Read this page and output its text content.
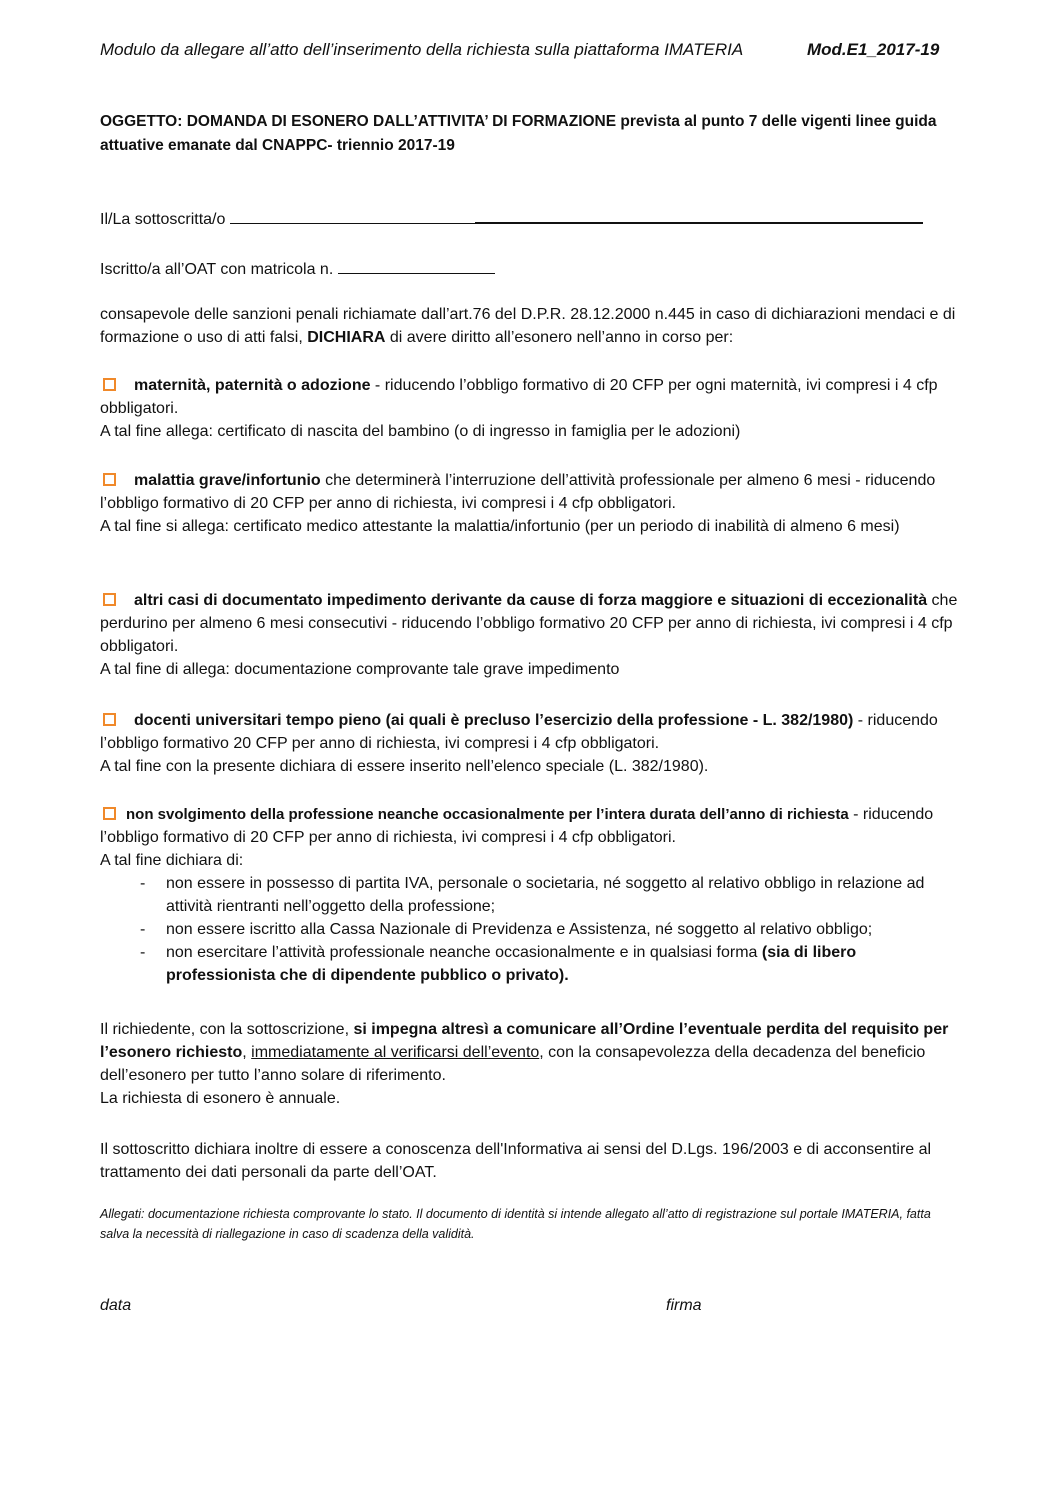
Modulo da allegare all’atto dell’inserimento della richiesta sulla piattaforma IMATERIA	Mod.E1_2017-19
OGGETTO: DOMANDA DI ESONERO DALL’ATTIVITA’ DI FORMAZIONE prevista al punto 7 delle vigenti linee guida attuative emanate dal CNAPPC- triennio 2017-19
Il/La sottoscritta/o
Iscritto/a all’OAT con matricola n.
consapevole delle sanzioni penali richiamate dall’art.76 del D.P.R. 28.12.2000 n.445 in caso di dichiarazioni mendaci e di formazione o uso di atti falsi, DICHIARA di avere diritto all’esonero nell’anno in corso per:
maternità, paternità o adozione - riducendo l’obbligo formativo di 20 CFP per ogni maternità, ivi compresi i 4 cfp obbligatori.
A tal fine allega: certificato di nascita del bambino (o di ingresso in famiglia per le adozioni)
malattia grave/infortunio che determinerà l’interruzione dell’attività professionale per almeno 6 mesi - riducendo l’obbligo formativo di 20 CFP per anno di richiesta, ivi compresi i 4 cfp obbligatori.
A tal fine si allega: certificato medico attestante la malattia/infortunio (per un periodo di inabilità di almeno 6 mesi)
altri casi di documentato impedimento derivante da cause di forza maggiore e situazioni di eccezionalità che perdurino per almeno 6 mesi consecutivi - riducendo l’obbligo formativo 20 CFP per anno di richiesta, ivi compresi i 4 cfp obbligatori.
A tal fine di allega: documentazione comprovante tale grave impedimento
docenti universitari tempo pieno (ai quali è precluso l’esercizio della professione - L. 382/1980) - riducendo l’obbligo formativo 20 CFP per anno di richiesta, ivi compresi i 4 cfp obbligatori.
A tal fine con la presente dichiara di essere inserito nell’elenco speciale (L. 382/1980).
non svolgimento della professione neanche occasionalmente per l’intera durata dell’anno di richiesta - riducendo l’obbligo formativo di 20 CFP per anno di richiesta, ivi compresi i 4 cfp obbligatori.
A tal fine dichiara di:
- non essere in possesso di partita IVA, personale o societaria, né soggetto al relativo obbligo in relazione ad attività rientranti nell’oggetto della professione;
- non essere iscritto alla Cassa Nazionale di Previdenza e Assistenza, né soggetto al relativo obbligo;
- non esercitare l’attività professionale neanche occasionalmente e in qualsiasi forma (sia di libero professionista che di dipendente pubblico o privato).
Il richiedente, con la sottoscrizione, si impegna altresì a comunicare all’Ordine l’eventuale perdita del requisito per l’esonero richiesto, immediatamente al verificarsi dell’evento, con la consapevolezza della decadenza del beneficio dell’esonero per tutto l’anno solare di riferimento.
La richiesta di esonero è annuale.
Il sottoscritto dichiara inoltre di essere a conoscenza dell'Informativa ai sensi del D.Lgs. 196/2003 e di acconsentire al trattamento dei dati personali da parte dell’OAT.
Allegati: documentazione richiesta comprovante lo stato. Il documento di identità si intende allegato all’atto di registrazione sul portale IMATERIA, fatta salva la necessità di riallegazione in caso di scadenza della validità.
data	firma
